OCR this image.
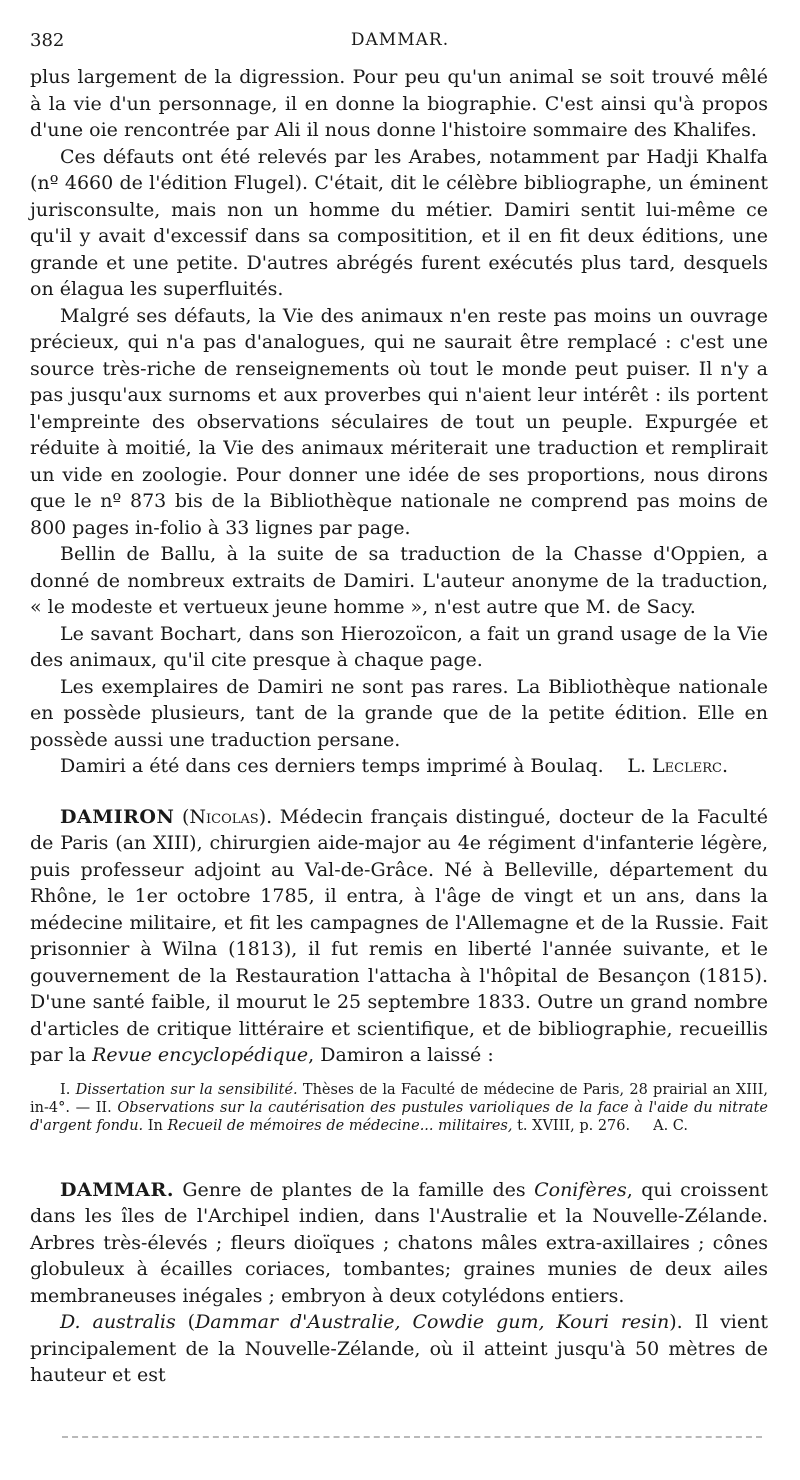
382	DAMMAR.

plus largement de la digression. Pour peu qu'un animal se soit trouvé mêlé à la vie d'un personnage, il en donne la biographie. C'est ainsi qu'à propos d'une oie rencontrée par Ali il nous donne l'histoire sommaire des Khalifes.

Ces défauts ont été relevés par les Arabes, notamment par Hadji Khalfa (nº 4660 de l'édition Flugel). C'était, dit le célèbre bibliographe, un éminent jurisconsulte, mais non un homme du métier. Damiri sentit lui-même ce qu'il y avait d'excessif dans sa compositition, et il en fit deux éditions, une grande et une petite. D'autres abrégés furent exécutés plus tard, desquels on élagua les superfluités.

Malgré ses défauts, la Vie des animaux n'en reste pas moins un ouvrage précieux, qui n'a pas d'analogues, qui ne saurait être remplacé : c'est une source très-riche de renseignements où tout le monde peut puiser. Il n'y a pas jusqu'aux surnoms et aux proverbes qui n'aient leur intérêt : ils portent l'empreinte des observations séculaires de tout un peuple. Expurgée et réduite à moitié, la Vie des animaux mériterait une traduction et remplirait un vide en zoologie. Pour donner une idée de ses proportions, nous dirons que le nº 873 bis de la Bibliothèque nationale ne comprend pas moins de 800 pages in-folio à 33 lignes par page.

Bellin de Ballu, à la suite de sa traduction de la Chasse d'Oppien, a donné de nombreux extraits de Damiri. L'auteur anonyme de la traduction, « le modeste et vertueux jeune homme », n'est autre que M. de Sacy.

Le savant Bochart, dans son Hierozoïcon, a fait un grand usage de la Vie des animaux, qu'il cite presque à chaque page.

Les exemplaires de Damiri ne sont pas rares. La Bibliothèque nationale en possède plusieurs, tant de la grande que de la petite édition. Elle en possède aussi une traduction persane.

Damiri a été dans ces derniers temps imprimé à Boulaq. L. Leclerc.

DAMIRON (Nicolas). Médecin français distingué, docteur de la Faculté de Paris (an XIII), chirurgien aide-major au 4e régiment d'infanterie légère, puis professeur adjoint au Val-de-Grâce. Né à Belleville, département du Rhône, le 1er octobre 1785, il entra, à l'âge de vingt et un ans, dans la médecine militaire, et fit les campagnes de l'Allemagne et de la Russie. Fait prisonnier à Wilna (1813), il fut remis en liberté l'année suivante, et le gouvernement de la Restauration l'attacha à l'hôpital de Besançon (1815). D'une santé faible, il mourut le 25 septembre 1833. Outre un grand nombre d'articles de critique littéraire et scientifique, et de bibliographie, recueillis par la Revue encyclopédique, Damiron a laissé :

I. Dissertation sur la sensibilité. Thèses de la Faculté de médecine de Paris, 28 prairial an XIII, in-4°. — II. Observations sur la cautérisation des pustules varioliques de la face à l'aide du nitrate d'argent fondu. In Recueil de mémoires de médecine... militaires, t. XVIII, p. 276.	A. C.

DAMMAR. Genre de plantes de la famille des Conifères, qui croissent dans les îles de l'Archipel indien, dans l'Australie et la Nouvelle-Zélande. Arbres très-élevés ; fleurs dioïques ; chatons mâles extra-axillaires ; cônes globuleux à écailles coriaces, tombantes; graines munies de deux ailes membraneuses inégales ; embryon à deux cotylédons entiers.

D. australis (Dammar d'Australie, Cowdie gum, Kouri resin). Il vient principalement de la Nouvelle-Zélande, où il atteint jusqu'à 50 mètres de hauteur et est
